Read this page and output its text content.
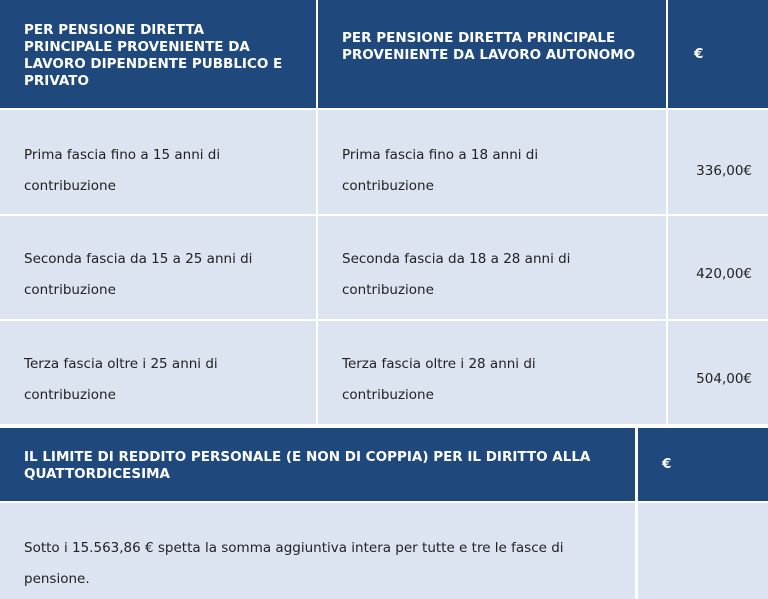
PER PENSIONE DIRETTA PRINCIPALE PROVENIENTE DA LAVORO DIPENDENTE PUBBLICO E PRIVATO
PER PENSIONE DIRETTA PRINCIPALE PROVENIENTE DA LAVORO AUTONOMO	€
Prima fascia fino a 15 anni di contribuzione
Prima fascia fino a 18 anni di contribuzione
336,00€
Seconda fascia da 15 a 25 anni di contribuzione
Seconda fascia da 18 a 28 anni di contribuzione
420,00€
Terza fascia oltre i 25 anni di contribuzione
Terza fascia oltre i 28 anni di contribuzione
504,00€
IL LIMITE DI REDDITO PERSONALE (E NON DI COPPIA) PER IL DIRITTO ALLA QUATTORDICESIMA
€
Sotto i 15.563,86 € spetta la somma aggiuntiva intera per tutte e tre le fasce di pensione.
